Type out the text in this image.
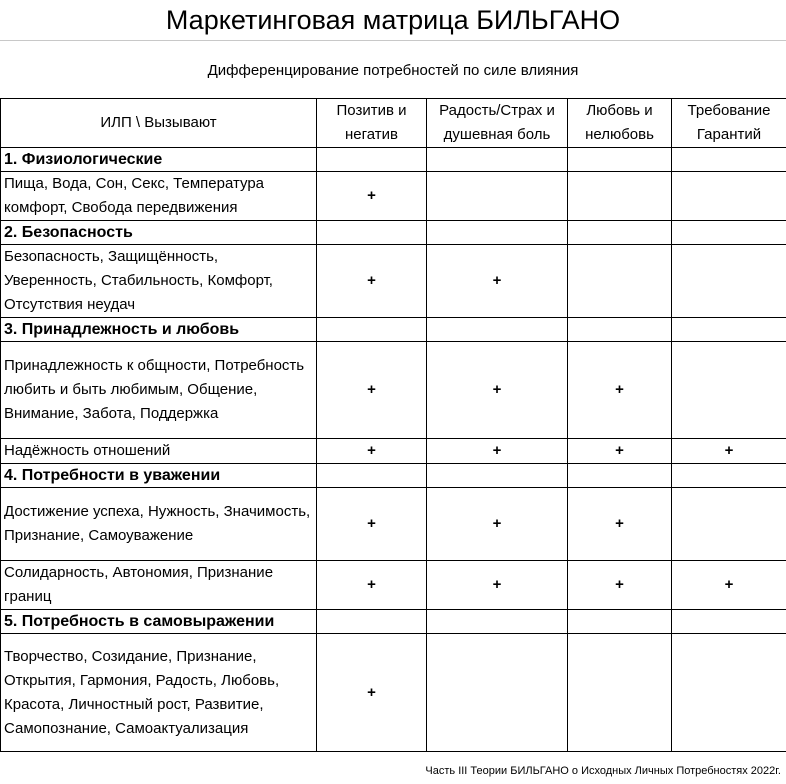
Маркетинговая матрица БИЛЬГАНО
Дифференцирование потребностей по силе влияния
ИЛП \ Вызывают	Позитив и негатив	Радость/Страх и душевная боль	Любовь и нелюбовь	Требование Гарантий
1. Физиологические				
Пища, Вода, Сон, Секс, Температура комфорт, Свобода передвижения	+			
2. Безопасность				
Безопасность, Защищённость, Уверенность, Стабильность, Комфорт, Отсутствия неудач	+	+		
3. Принадлежность и любовь				
Принадлежность к общности, Потребность любить и быть любимым, Общение, Внимание, Забота, Поддержка	+	+	+	
Надёжность отношений	+	+	+	+
4. Потребности в уважении				
Достижение успеха, Нужность, Значимость, Признание, Самоуважение	+	+	+	
Солидарность, Автономия, Признание границ	+	+	+	+
5. Потребность в самовыражении				
Творчество, Созидание, Признание, Открытия, Гармония, Радость, Любовь, Красота, Личностный рост, Развитие, Самопознание, Самоактуализация	+			
Часть III Теории БИЛЬГАНО о Исходных Личных Потребностях 2022г.
